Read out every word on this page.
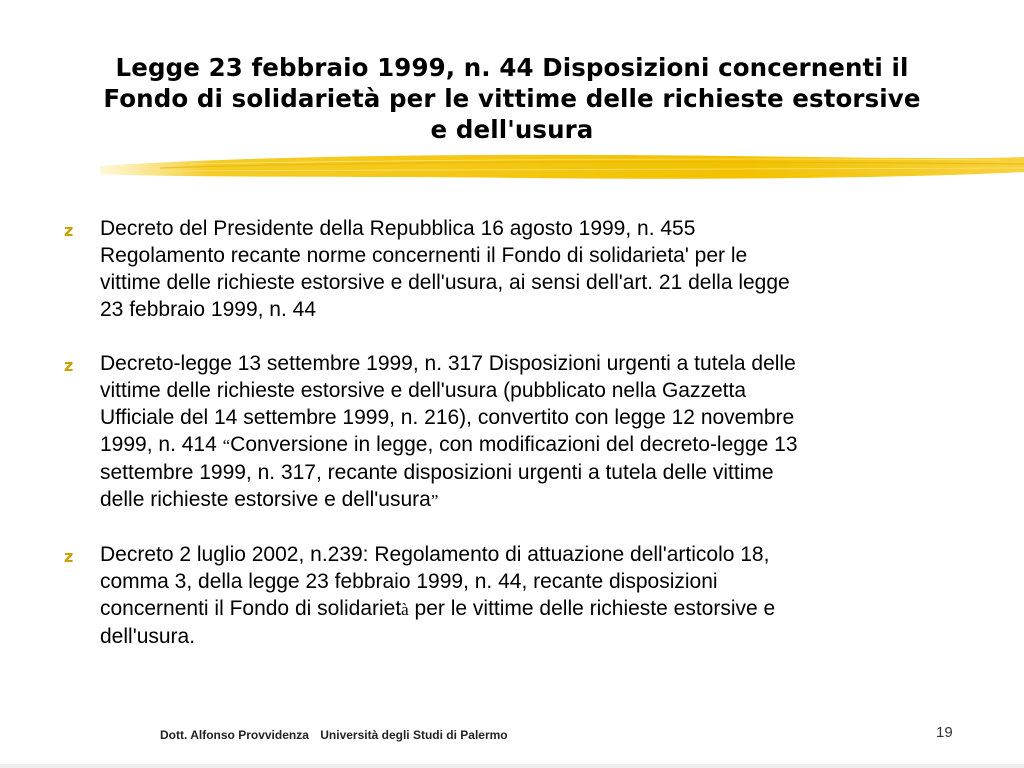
Legge 23 febbraio 1999, n. 44 Disposizioni concernenti il
Fondo di solidarietà per le vittime delle richieste estorsive
e dell'usura
z Decreto del Presidente della Repubblica 16 agosto 1999, n. 455
Regolamento recante norme concernenti il Fondo di solidarieta' per le
vittime delle richieste estorsive e dell'usura, ai sensi dell'art. 21 della legge
23 febbraio 1999, n. 44
z Decreto-legge 13 settembre 1999, n. 317 Disposizioni urgenti a tutela delle
vittime delle richieste estorsive e dell'usura (pubblicato nella Gazzetta
Ufficiale del 14 settembre 1999, n. 216), convertito con legge 12 novembre
1999, n. 414 “Conversione in legge, con modificazioni del decreto-legge 13
settembre 1999, n. 317, recante disposizioni urgenti a tutela delle vittime
delle richieste estorsive e dell'usura”
z Decreto 2 luglio 2002, n.239: Regolamento di attuazione dell'articolo 18,
comma 3, della legge 23 febbraio 1999, n. 44, recante disposizioni
concernenti il Fondo di solidarietà per le vittime delle richieste estorsive e
dell'usura.
Dott. Alfonso Provvidenza Università degli Studi di Palermo	19
